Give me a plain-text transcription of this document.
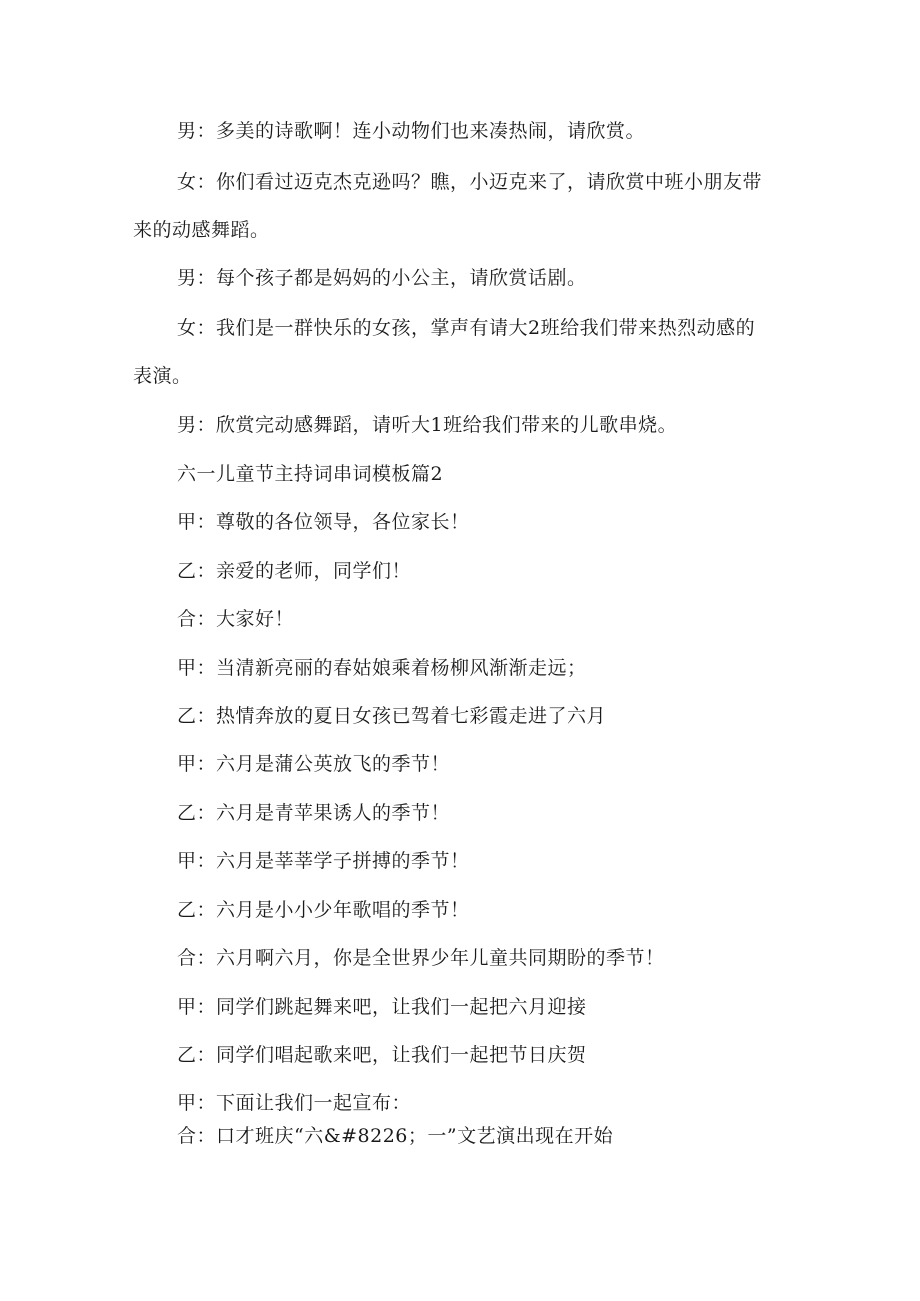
男：多美的诗歌啊！连小动物们也来凑热闹，请欣赏。
女：你们看过迈克杰克逊吗？瞧，小迈克来了，请欣赏中班小朋友带
来的动感舞蹈。
男：每个孩子都是妈妈的小公主，请欣赏话剧。
女：我们是一群快乐的女孩，掌声有请大2班给我们带来热烈动感的
表演。
男：欣赏完动感舞蹈，请听大1班给我们带来的儿歌串烧。
六一儿童节主持词串词模板篇2
甲：尊敬的各位领导，各位家长！
乙：亲爱的老师，同学们！
合：大家好！
甲：当清新亮丽的春姑娘乘着杨柳风渐渐走远；
乙：热情奔放的夏日女孩已驾着七彩霞走进了六月
甲：六月是蒲公英放飞的季节！
乙：六月是青苹果诱人的季节！
甲：六月是莘莘学子拼搏的季节！
乙：六月是小小少年歌唱的季节！
合：六月啊六月，你是全世界少年儿童共同期盼的季节！
甲：同学们跳起舞来吧，让我们一起把六月迎接
乙：同学们唱起歌来吧，让我们一起把节日庆贺
甲：下面让我们一起宣布：
合：口才班庆“六&#8226；一”文艺演出现在开始
